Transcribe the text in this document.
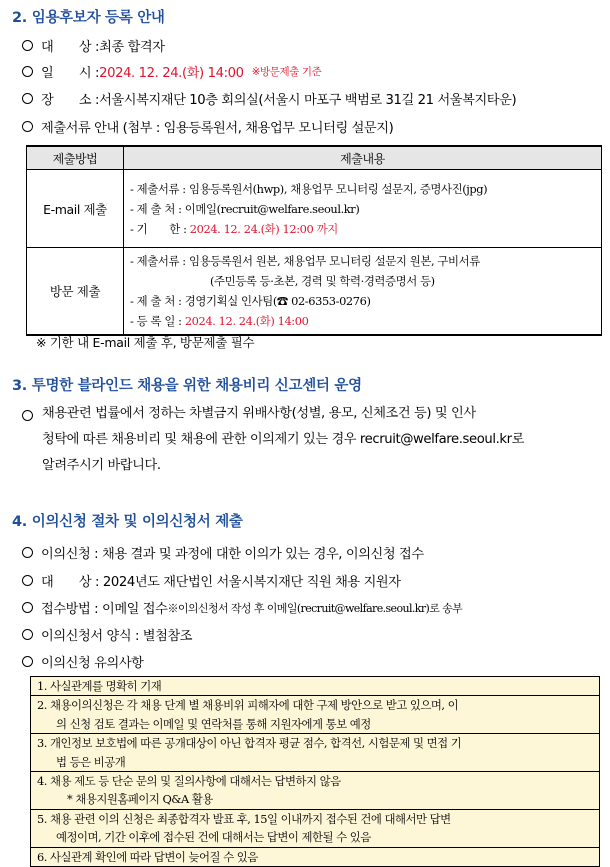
2. 임용후보자 등록 안내
대　　상 : 최종 합격자
일　　시 : 2024. 12. 24.(화) 14:00 ※방문제출 기준
장　　소 : 서울시복지재단 10층 회의실(서울시 마포구 백범로 31길 21 서울복지타운)
제출서류 안내 (첨부 : 임용등록원서, 채용업무 모니터링 설문지)
제출방법	제출내용
E-mail 제출	- 제출서류 : 임용등록원서(hwp), 채용업무 모니터링 설문지, 증명사진(jpg)
- 제 출 처 : 이메일(recruit@welfare.seoul.kr)
- 기　　한 : 2024. 12. 24.(화) 12:00 까지

방문 제출	- 제출서류 : 임용등록원서 원본, 채용업무 모니터링 설문지 원본, 구비서류
(주민등록 등·초본, 경력 및 학력·경력증명서 등)
- 제 출 처 : 경영기획실 인사팀(☎ 02-6353-0276)
- 등 록 일 : 2024. 12. 24.(화) 14:00
※ 기한 내 E-mail 제출 후, 방문제출 필수
3. 투명한 블라인드 채용을 위한 채용비리 신고센터 운영
채용관련 법률에서 정하는 차별금지 위배사항(성별, 용모, 신체조건 등) 및 인사
청탁에 따른 채용비리 및 채용에 관한 이의제기 있는 경우 recruit@welfare.seoul.kr로
알려주시기 바랍니다.
4. 이의신청 절차 및 이의신청서 제출
이의신청 : 채용 결과 및 과정에 대한 이의가 있는 경우, 이의신청 접수
대　　상 : 2024년도 재단법인 서울시복지재단 직원 채용 지원자
접수방법 : 이메일 접수 ※이의신청서 작성 후 이메일(recruit@welfare.seoul.kr)로 송부
이의신청서 양식 : 별첨참조
이의신청 유의사항
1. 사실관계를 명확히 기재
2. 채용이의신청은 각 채용 단계 별 채용비위 피해자에 대한 구제 방안으로 받고 있으며, 이
의 신청 검토 결과는 이메일 및 연락처를 통해 지원자에게 통보 예정
3. 개인정보 보호법에 따른 공개대상이 아닌 합격자 평균 점수, 합격선, 시험문제 및 면접 기
법 등은 비공개
4. 채용 제도 등 단순 문의 및 질의사항에 대해서는 답변하지 않음
* 채용지원홈페이지 Q&A 활용
5. 채용 관련 이의 신청은 최종합격자 발표 후, 15일 이내까지 접수된 건에 대해서만 답변
예정이며, 기간 이후에 접수된 건에 대해서는 답변이 제한될 수 있음
6. 사실관계 확인에 따라 답변이 늦어질 수 있음
